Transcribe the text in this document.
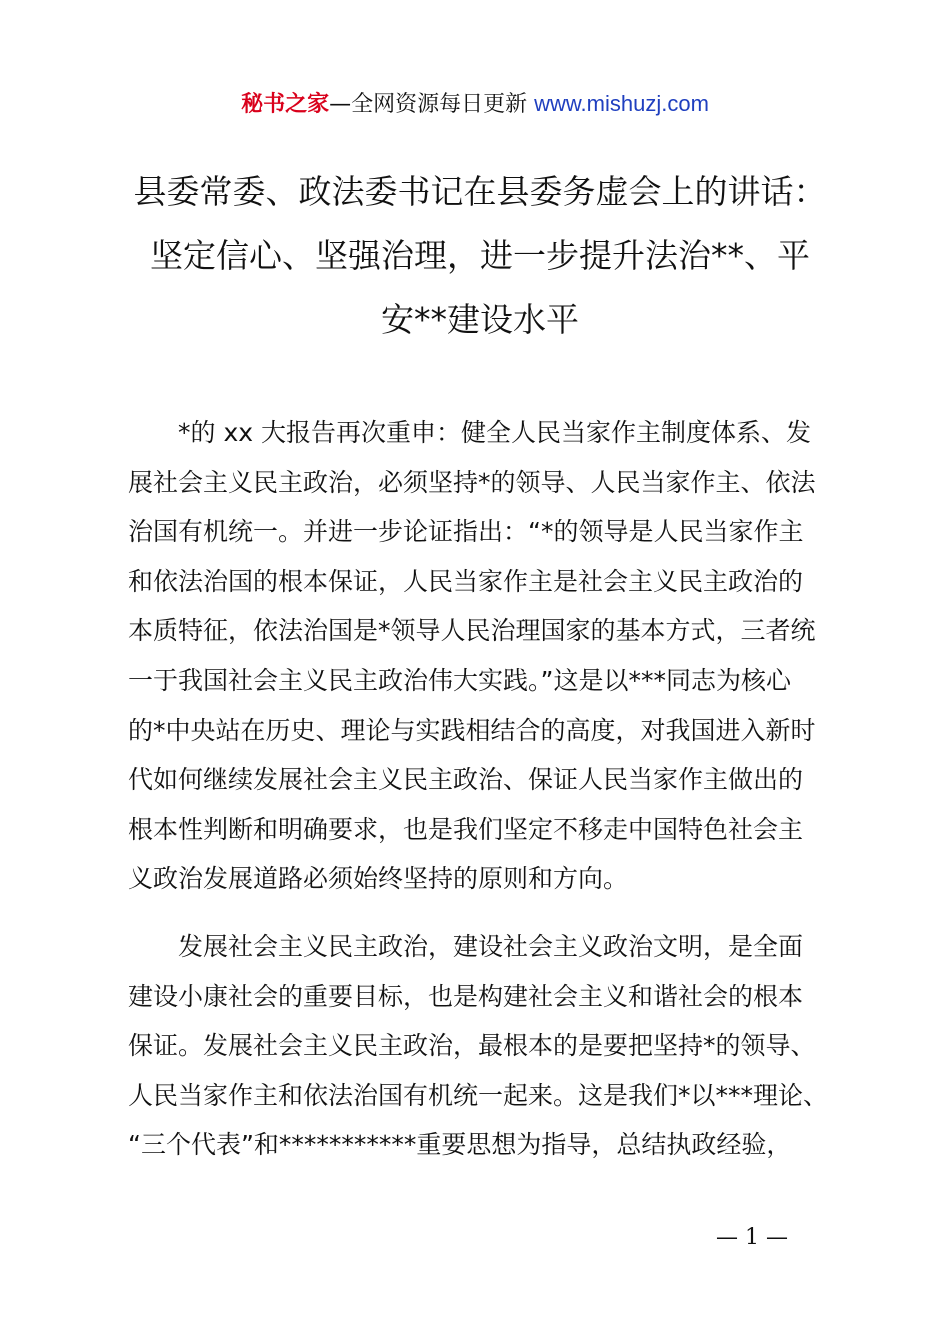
秘书之家—全网资源每日更新 www.mishuzj.com
县委常委、政法委书记在县委务虚会上的讲话：
坚定信心、坚强治理，进一步提升法治**、平
安**建设水平
　　*的 xx 大报告再次重申：健全人民当家作主制度体系、发
展社会主义民主政治，必须坚持*的领导、人民当家作主、依法
治国有机统一。并进一步论证指出：“*的领导是人民当家作主
和依法治国的根本保证，人民当家作主是社会主义民主政治的
本质特征，依法治国是*领导人民治理国家的基本方式，三者统
一于我国社会主义民主政治伟大实践。”这是以***同志为核心
的*中央站在历史、理论与实践相结合的高度，对我国进入新时
代如何继续发展社会主义民主政治、保证人民当家作主做出的
根本性判断和明确要求，也是我们坚定不移走中国特色社会主
义政治发展道路必须始终坚持的原则和方向。
　　发展社会主义民主政治，建设社会主义政治文明，是全面
建设小康社会的重要目标，也是构建社会主义和谐社会的根本
保证。发展社会主义民主政治，最根本的是要把坚持*的领导、
人民当家作主和依法治国有机统一起来。这是我们*以***理论、
“三个代表”和***********重要思想为指导，总结执政经验，
— 1 —
